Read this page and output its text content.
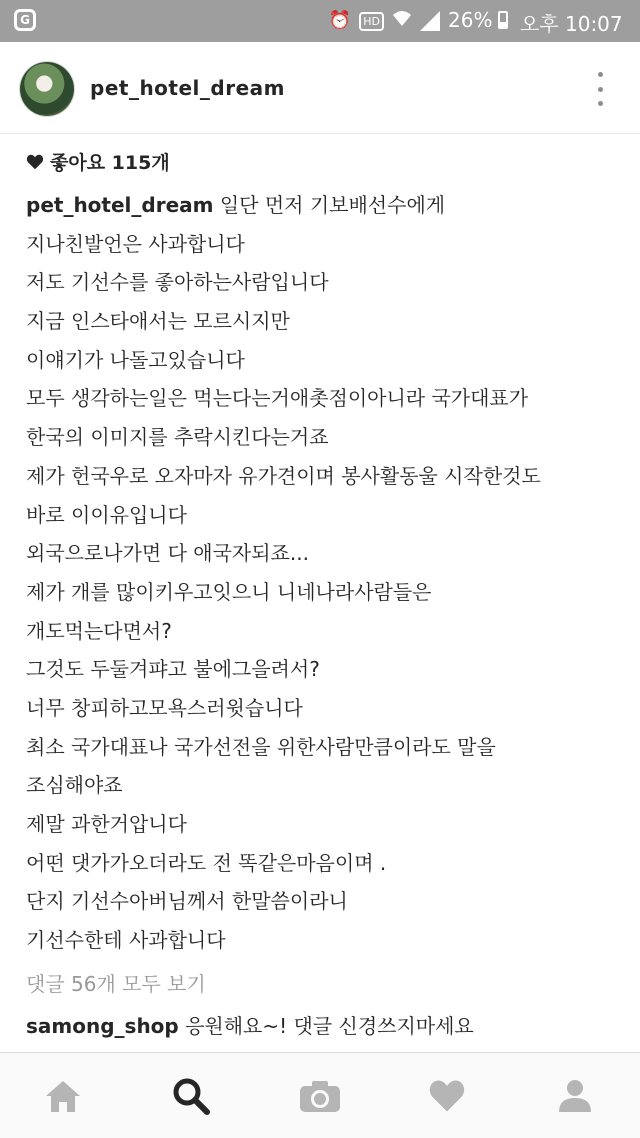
G	⏰	HD	26% 오후 10:07
pet_hotel_dream
좋아요 115개
pet_hotel_dream 일단 먼저 기보배선수에게
지나친발언은 사과합니다
저도 기선수를 좋아하는사람입니다
지금 인스타애서는 모르시지만
이얘기가 나돌고있습니다
모두 생각하는일은 먹는다는거애촛점이아니라 국가대표가
한국의 이미지를 추락시킨다는거죠
제가 헌국우로 오자마자 유가견이며 봉사활동울 시작한것도
바로 이이유입니다
외국으로나가면 다 애국자되죠...
제가 개를 많이키우고잇으니 니네나라사람들은
개도먹는다면서?
그것도 두둘겨퍄고 불에그을려서?
너무 창피하고모욕스러윗습니다
최소 국가대표나 국가선전을 위한사람만큼이라도 말을
조심해야죠
제말 과한거압니다
어떤 댓가가오더라도 전 똑같은마음이며 .
단지 기선수아버님께서 한말씀이라니
기선수한테 사과합니다
댓글 56개 모두 보기
samong_shop 응원해요~! 댓글 신경쓰지마세요
